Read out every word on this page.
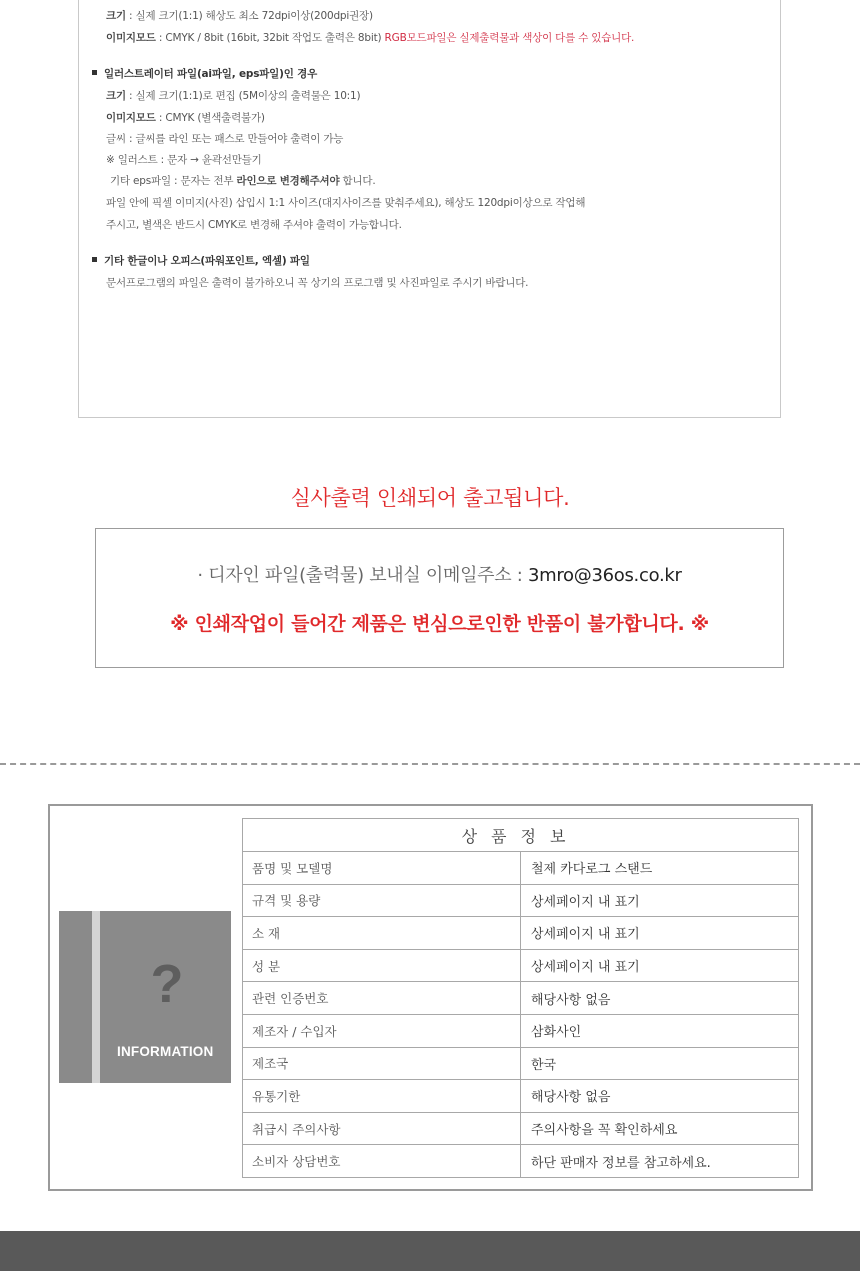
크기 : 실제 크기(1:1) 해상도 최소 72dpi이상(200dpi권장)
이미지모드 : CMYK / 8bit (16bit, 32bit 작업도 출력은 8bit) RGB모드파일은 실제출력물과 색상이 다를 수 있습니다.
일러스트레이터 파일(ai파일, eps파일)인 경우
크기 : 실제 크기(1:1)로 편집 (5M이상의 출력물은 10:1)
이미지모드 : CMYK (별색출력불가)
글씨 : 글씨를 라인 또는 패스로 만들어야 출력이 가능
※ 일러스트 : 문자 → 윤곽선만들기
기타 eps파일 : 문자는 전부 라인으로 변경해주셔야 합니다.
파일 안에 픽셀 이미지(사진) 삽입시 1:1 사이즈(대지사이즈를 맞춰주세요), 해상도 120dpi이상으로 작업해
주시고, 별색은 반드시 CMYK로 변경해 주셔야 출력이 가능합니다.
기타 한글이나 오피스(파워포인트, 엑셀) 파일
문서프로그램의 파일은 출력이 불가하오니 꼭 상기의 프로그램 및 사진파일로 주시기 바랍니다.
실사출력 인쇄되어 출고됩니다.
· 디자인 파일(출력물) 보내실 이메일주소 : 3mro@36os.co.kr
※ 인쇄작업이 들어간 제품은 변심으로인한 반품이 불가합니다. ※
?
INFORMATION
상품정보	
품명 및 모델명	철제 카다로그 스탠드
규격 및 용량	상세페이지 내 표기
소 재	상세페이지 내 표기
성 분	상세페이지 내 표기
관련 인증번호	해당사항 없음
제조자 / 수입자	삼화사인
제조국	한국
유통기한	해당사항 없음
취급시 주의사항	주의사항을 꼭 확인하세요
소비자 상담번호	하단 판매자 정보를 참고하세요.
